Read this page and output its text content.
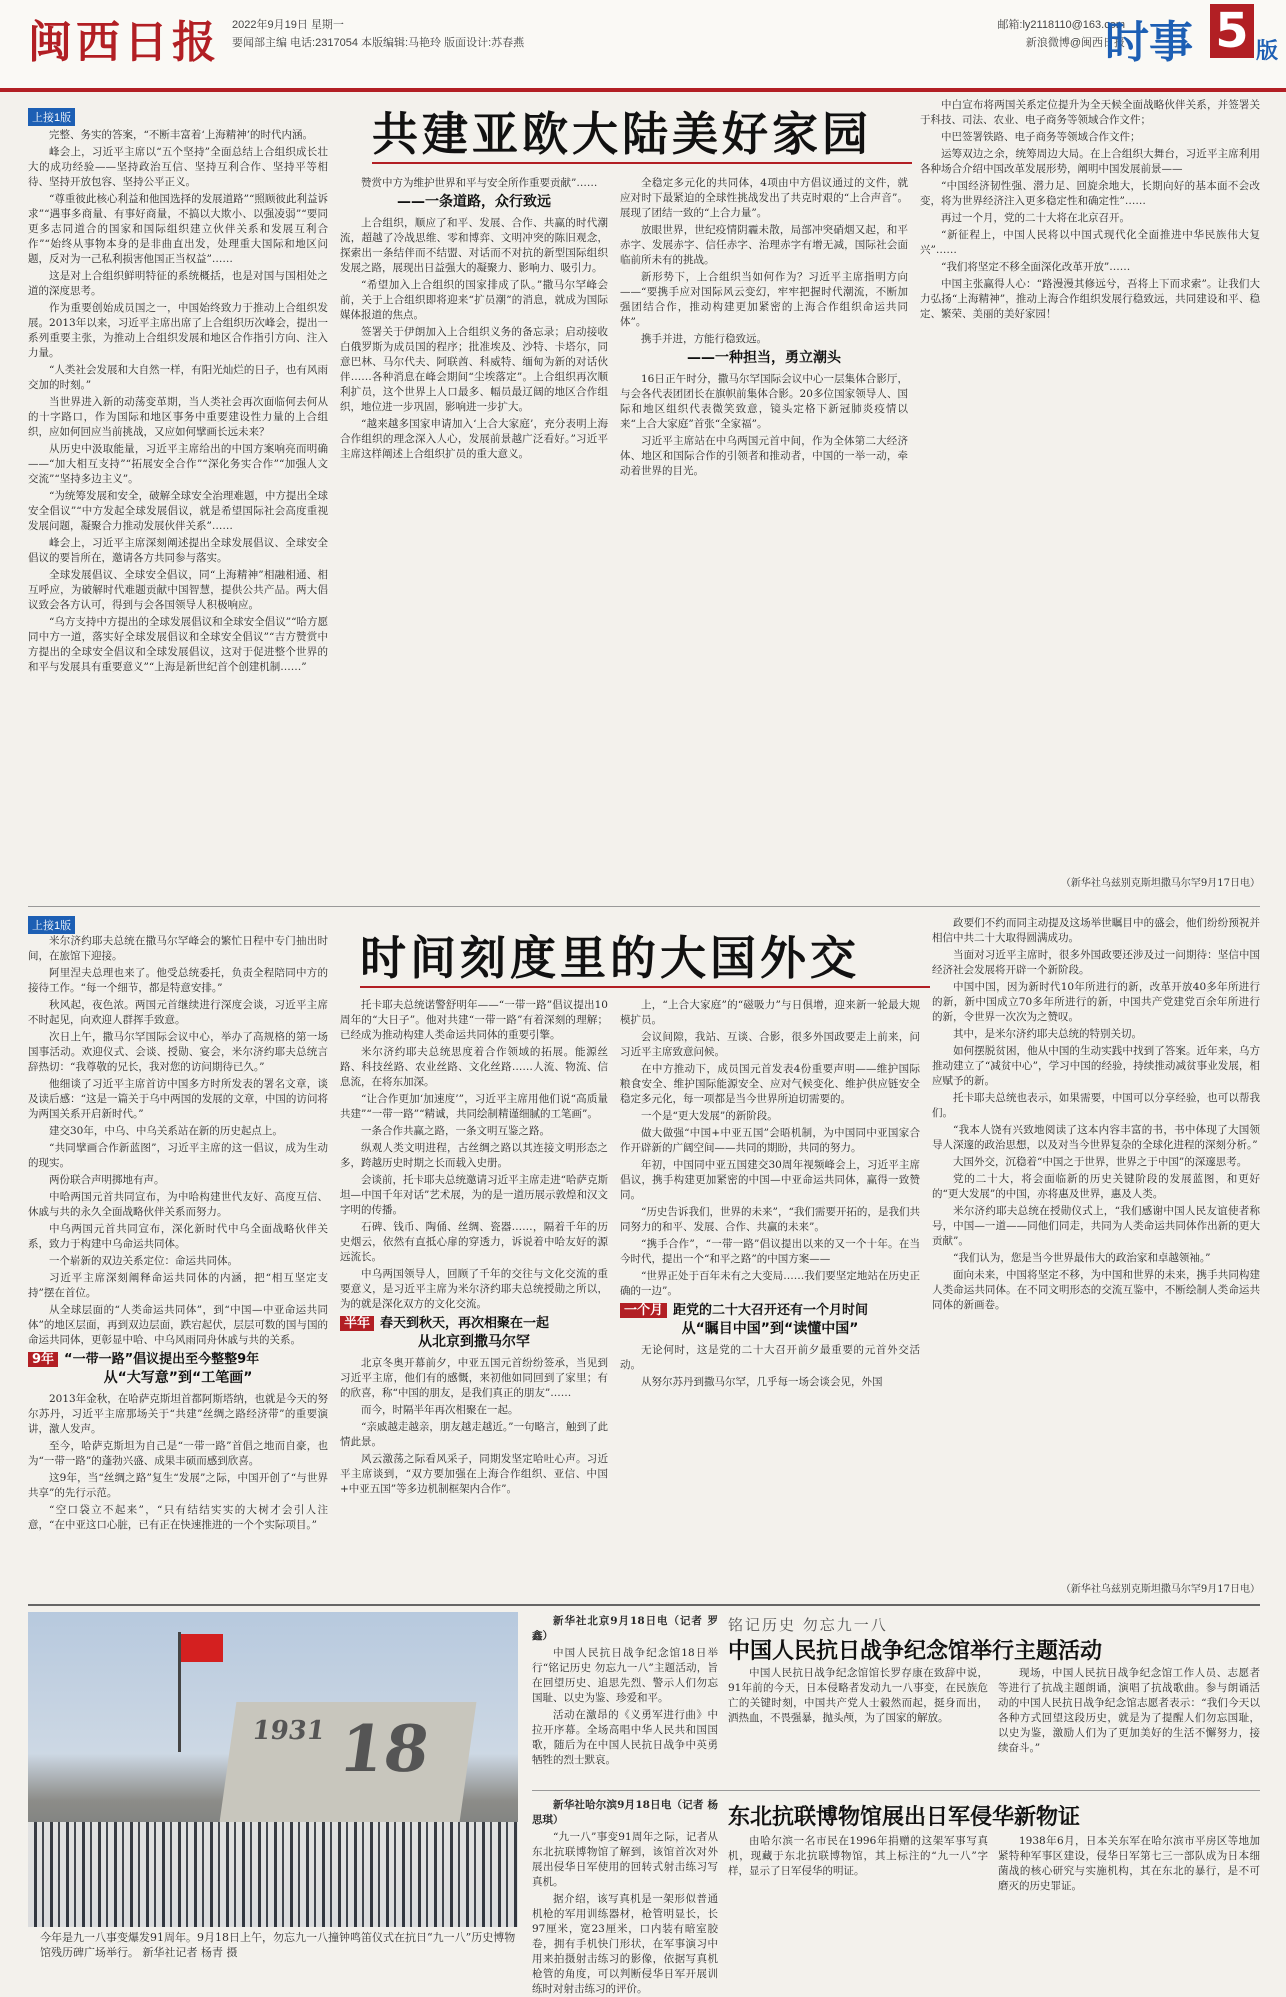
闽西日报 2022年9月19日 星期一
要闻部主编 电话:2317054 本版编辑:马艳玲 版面设计:苏春燕
邮箱:ly2118110@163.com
新浪微博@闽西日报
时事 5 版
上接1版	共建亚欧大陆美好家园

完整、务实的答案，“不断丰富着‘上海精神’的时代内涵。

峰会上，习近平主席以“五个坚持”全面总结上合组织成长壮大的成功经验——坚持政治互信、坚持互利合作、坚持平等相待、坚持开放包容、坚持公平正义。

“尊重彼此核心利益和他国选择的发展道路”“照顾彼此利益诉求”“遇事多商量、有事好商量，不搞以大欺小、以强凌弱”“要同更多志同道合的国家和国际组织建立伙伴关系和发展互利合作”“始终从事物本身的是非曲直出发，处理重大国际和地区问题，反对为一己私利损害他国正当权益”……

这是对上合组织鲜明特征的系统概括，也是对国与国相处之道的深度思考。

作为重要创始成员国之一，中国始终致力于推动上合组织发展。2013年以来，习近平主席出席了上合组织历次峰会，提出一系列重要主张，为推动上合组织发展和地区合作指引方向、注入力量。

“人类社会发展和大自然一样，有阳光灿烂的日子，也有风雨交加的时刻。”

当世界进入新的动荡变革期，当人类社会再次面临何去何从的十字路口，作为国际和地区事务中重要建设性力量的上合组织，应如何回应当前挑战，又应如何擘画长远未来？

从历史中汲取能量，习近平主席给出的中国方案响亮而明确——“加大相互支持”“拓展安全合作”“深化务实合作”“加强人文交流”“坚持多边主义”。

“为统筹发展和安全，破解全球安全治理难题，中方提出全球安全倡议”“中方发起全球发展倡议，就是希望国际社会高度重视发展问题，凝聚合力推动发展伙伴关系”……

峰会上，习近平主席深刻阐述提出全球发展倡议、全球安全倡议的要旨所在，邀请各方共同参与落实。

全球发展倡议、全球安全倡议，同“上海精神”相融相通、相互呼应，为破解时代难题贡献中国智慧，提供公共产品。两大倡议致会各方认可，得到与会各国领导人积极响应。

“乌方支持中方提出的全球发展倡议和全球安全倡议”“哈方愿同中方一道，落实好全球发展倡议和全球安全倡议”“吉方赞赏中方提出的全球安全倡议和全球发展倡议，这对于促进整个世界的和平与发展具有重要意义”“上海是新世纪首个创建机制……”

赞赏中方为维护世界和平与安全所作重要贡献”……

——一条道路，众行致远

上合组织，顺应了和平、发展、合作、共赢的时代潮流，超越了冷战思维、零和博弈、文明冲突的陈旧观念，探索出一条结伴而不结盟、对话而不对抗的新型国际组织发展之路，展现出日益强大的凝聚力、影响力、吸引力。

“希望加入上合组织的国家排成了队。”撒马尔罕峰会前，关于上合组织即将迎来“扩员潮”的消息，就成为国际媒体报道的焦点。

签署关于伊朗加入上合组织义务的备忘录；启动接收白俄罗斯为成员国的程序；批准埃及、沙特、卡塔尔，同意巴林、马尔代夫、阿联酋、科威特、缅甸为新的对话伙伴……各种消息在峰会期间“尘埃落定”。上合组织再次顺利扩员，这个世界上人口最多、幅员最辽阔的地区合作组织，地位进一步巩固，影响进一步扩大。

“越来越多国家申请加入‘上合大家庭’，充分表明上海合作组织的理念深入人心，发展前景越广泛看好。”习近平主席这样阐述上合组织扩员的重大意义。

全稳定多元化的共同体，4项由中方倡议通过的文件，就应对时下最紧迫的全球性挑战发出了共克时艰的“上合声音”。展现了团结一致的“上合力量”。

放眼世界，世纪疫情阴霾未散，局部冲突硝烟又起，和平赤字、发展赤字、信任赤字、治理赤字有增无减，国际社会面临前所未有的挑战。

新形势下，上合组织当如何作为？习近平主席指明方向——“要携手应对国际风云变幻，牢牢把握时代潮流，不断加强团结合作，推动构建更加紧密的上海合作组织命运共同体”。

携手并进，方能行稳致远。

——一种担当，勇立潮头

16日正午时分，撒马尔罕国际会议中心一层集体合影厅，与会各代表团团长在旗帜前集体合影。20多位国家领导人、国际和地区组织代表微笑致意，镜头定格下新冠肺炎疫情以来“上合大家庭”首张“全家福”。

习近平主席站在中乌两国元首中间，作为全体第二大经济体、地区和国际合作的引领者和推动者，中国的一举一动，牵动着世界的目光。

中白宣布将两国关系定位提升为全天候全面战略伙伴关系，并签署关于科技、司法、农业、电子商务等领域合作文件；

中巴签署铁路、电子商务等领域合作文件；

运筹双边之余，统筹周边大局。在上合组织大舞台，习近平主席利用各种场合介绍中国改革发展形势，阐明中国发展前景——

“中国经济韧性强、潜力足、回旋余地大，长期向好的基本面不会改变，将为世界经济注入更多稳定性和确定性”……

再过一个月，党的二十大将在北京召开。

“新征程上，中国人民将以中国式现代化全面推进中华民族伟大复兴”……

“我们将坚定不移全面深化改革开放”……

中国主张赢得人心：“路漫漫其修远兮，吾将上下而求索”。让我们大力弘扬“上海精神”，推动上海合作组织发展行稳致远，共同建设和平、稳定、繁荣、美丽的美好家园！

（新华社乌兹别克斯坦撒马尔罕9月17日电）
上接1版
时间刻度里的大国外交

米尔济约耶夫总统在撒马尔罕峰会的繁忙日程中专门抽出时间，在旅馆下迎接。

阿里涅夫总理也来了。他受总统委托，负责全程陪同中方的接待工作。“每一个细节，都是特意安排。”

秋风起，夜色浓。两国元首继续进行深度会谈，习近平主席不时起见，向欢迎人群挥手致意。

次日上午，撒马尔罕国际会议中心，举办了高规格的第一场国事活动。欢迎仪式、会谈、授勋、宴会，米尔济约耶夫总统言辞热切：“我尊敬的兄长，我对您的访问期待已久。”

他细谈了习近平主席首访中国多方时所发表的署名文章，谈及读后感：“这是一篇关于乌中两国的发展的文章，中国的访问将为两国关系开启新时代。”

建交30年，中乌、中乌关系站在新的历史起点上。

“共同擘画合作新蓝图”，习近平主席的这一倡议，成为生动的现实。

两份联合声明掷地有声。

中哈两国元首共同宣布，为中哈构建世代友好、高度互信、休戚与共的永久全面战略伙伴关系而努力。

中乌两国元首共同宣布，深化新时代中乌全面战略伙伴关系，致力于构建中乌命运共同体。

一个崭新的双边关系定位：命运共同体。

习近平主席深刻阐释命运共同体的内涵，把“相互坚定支持”摆在首位。

从全球层面的“人类命运共同体”，到“中国—中亚命运共同体”的地区层面，再到双边层面，跌宕起伏，层层可数的国与国的命运共同体，更彰显中哈、中乌风雨同舟休戚与共的关系。

9年 “一带一路”倡议提出至今整整9年
从“大写意”到“工笔画”

2013年金秋，在哈萨克斯坦首都阿斯塔纳，也就是今天的努尔苏丹，习近平主席那场关于“共建”丝绸之路经济带”的重要演讲，激人发声。

至今，哈萨克斯坦为自己是“一带一路”首倡之地而自豪，也为“一带一路”的蓬勃兴盛、成果丰硕而感到欣喜。

这9年，当“丝绸之路”复生“发展”之际，中国开创了“与世界共享”的先行示范。

“空口袋立不起来”，“只有结结实实的大树才会引人注意，“在中亚这口心脏，已有正在快速推进的一个个实际项目。”

托卡耶夫总统诺警舒明年——“一带一路”倡议提出10周年的“大日子”。他对共建“一带一路”有着深刻的理解；已经成为推动构建人类命运共同体的重要引擎。

米尔济约耶夫总统思度着合作领域的拓展。能源丝路、科技丝路、农业丝路、文化丝路……人流、物流、信息流，在将东加深。

“让合作更加‘加速度’”，习近平主席用他们说“高质量共建”“一带一路”“精诚，共同绘制精谨细腻的工笔画”。

一条合作共赢之路，一条文明互鉴之路。

纵观人类文明进程，古丝绸之路以其连接文明形态之多，跨越历史时期之长而载入史册。

会谈前，托卡耶夫总统邀请习近平主席走进“哈萨克斯坦—中国千年对话”艺术展，为的是一道历展示敦煌和汉文字明的传播。

石碑、钱币、陶俑、丝绸、瓷器……，隔着千年的历史烟云，依然有直抵心扉的穿透力，诉说着中哈友好的源远流长。

中乌两国领导人，回顾了千年的交往与文化交流的重要意义，是习近平主席为米尔济约耶夫总统授勋之所以，为的就是深化双方的文化交流。

半年 春天到秋天，再次相聚在一起
从北京到撒马尔罕

北京冬奥开幕前夕，中亚五国元首纷纷签承，当见到习近平主席，他们有的感慨，来初他如同回到了家里；有的欣喜，称“中国的朋友，是我们真正的朋友”……

而今，时隔半年再次相聚在一起。

“亲戚越走越亲，朋友越走越近。”一句略言，触到了此情此景。

风云激荡之际看风采子，同期发坚定哈吐心声。习近平主席谈到，“双方要加强在上海合作组织、亚信、中国+中亚五国”等多边机制框架内合作”。

上，“上合大家庭”的“磁吸力”与日俱增，迎来新一轮最大规模扩员。

会议间隙，我站、互谈、合影，很多外国政要走上前来，问习近平主席致意问候。

在中方推动下，成员国元首发表4份重要声明——维护国际粮食安全、维护国际能源安全、应对气候变化、维护供应链安全稳定多元化，每一项都是当今世界所迫切需要的。

一个是“更大发展”的新阶段。

做大做强“中国+中亚五国”会晤机制，为中国同中亚国家合作开辟新的广阔空间——共同的期盼，共同的努力。

年初，中国同中亚五国建交30周年视频峰会上，习近平主席倡议，携手构建更加紧密的中国—中亚命运共同体，赢得一致赞同。

“历史告诉我们，世界的未来”，“我们需要开拓的，是我们共同努力的和平、发展、合作、共赢的未来”。

“携手合作”，“一带一路”倡议提出以来的又一个十年。在当今时代，提出一个“和平之路”的中国方案——

“世界正处于百年未有之大变局……我们要坚定地站在历史正确的一边”。

一个月 距党的二十大召开还有一个月时间
从“瞩目中国”到“读懂中国”

无论何时，这是党的二十大召开前夕最重要的元首外交活动。

从努尔苏丹到撒马尔罕，几乎每一场会谈会见，外国

政要们不约而同主动提及这场举世瞩目中的盛会，他们纷纷预祝并相信中共二十大取得圆满成功。

当面对习近平主席时，很多外国政要还涉及过一问期待：坚信中国经济社会发展将开辟一个新阶段。

中国中国，因为新时代10年所进行的新，改革开放40多年所进行的新，新中国成立70多年所进行的新，中国共产党建党百余年所进行的新，令世界一次次为之赞叹。

其中，是米尔济约耶夫总统的特别关切。

如何摆脱贫困，他从中国的生动实践中找到了答案。近年来，乌方推动建立了“减贫中心”，学习中国的经验，持续推动减贫事业发展，相应赋予的新。

托卡耶夫总统也表示，如果需要，中国可以分享经验，也可以帮我们。

“我本人饶有兴致地阅读了这本内容丰富的书，书中体现了大国领导人深邃的政治思想，以及对当今世界复杂的全球化进程的深刻分析。”

大国外交，沉稳着“中国之于世界，世界之于中国”的深邃思考。

党的二十大，将会面临新的历史关键阶段的发展蓝图，和更好的“更大发展”的中国，亦将惠及世界，惠及人类。

米尔济约耶夫总统在授勋仪式上，“我们感谢中国人民友谊使者称号，中国—一道——同他们同走，共同为人类命运共同体作出新的更大贡献”。

“我们认为，您是当今世界最伟大的政治家和卓越领袖。”

面向未来，中国将坚定不移，为中国和世界的未来，携手共同构建人类命运共同体。在不同文明形态的交流互鉴中，不断绘制人类命运共同体的新画卷。

（新华社乌兹别克斯坦撒马尔罕9月17日电）
1931 18
今年是九一八事变爆发91周年。9月18日上午，勿忘九一八撞钟鸣笛仪式在抗日“九一八”历史博物馆残历碑广场举行。 新华社记者 杨青 摄
铭记历史 勿忘九一八
中国人民抗日战争纪念馆举行主题活动

新华社北京9月18日电（记者 罗鑫）

中国人民抗日战争纪念馆18日举行“铭记历史 勿忘九一八”主题活动，旨在回望历史、追思先烈、警示人们勿忘国耻、以史为鉴、珍爱和平。

活动在激昂的《义勇军进行曲》中拉开序幕。全场高唱中华人民共和国国歌，随后为在中国人民抗日战争中英勇牺牲的烈士默哀。

中国人民抗日战争纪念馆馆长罗存康在致辞中说，91年前的今天，日本侵略者发动九一八事变，在民族危亡的关键时刻，中国共产党人士毅然而起，挺身而出，洒热血，不畏强暴，抛头颅，为了国家的解放。

现场，中国人民抗日战争纪念馆工作人员、志愿者等进行了抗战主题朗诵，演唱了抗战歌曲。参与朗诵活动的中国人民抗日战争纪念馆志愿者表示：“我们今天以各种方式回望这段历史，就是为了提醒人们勿忘国耻，以史为鉴，激励人们为了更加美好的生活不懈努力，接续奋斗。”

东北抗联博物馆展出日军侵华新物证

新华社哈尔滨9月18日电（记者 杨思琪）

“九一八”事变91周年之际，记者从东北抗联博物馆了解到，该馆首次对外展出侵华日军使用的回转式射击练习写真机。

据介绍，该写真机是一架形似普通机枪的军用训练器材，枪管明显长，长97厘米，宽23厘米，口内装有暗室胶卷，拥有手机快门形状，在军事演习中用来拍摄射击练习的影像，依据写真机枪管的角度，可以判断侵华日军开展训练时对射击练习的评价。

由哈尔滨一名市民在1996年捐赠的这架军事写真机，现藏于东北抗联博物馆，其上标注的“九一八”字样，显示了日军侵华的明证。

1938年6月，日本关东军在哈尔滨市平房区等地加紧特种军事区建设，侵华日军第七三一部队成为日本细菌战的核心研究与实施机构，其在东北的暴行，是不可磨灭的历史罪证。
